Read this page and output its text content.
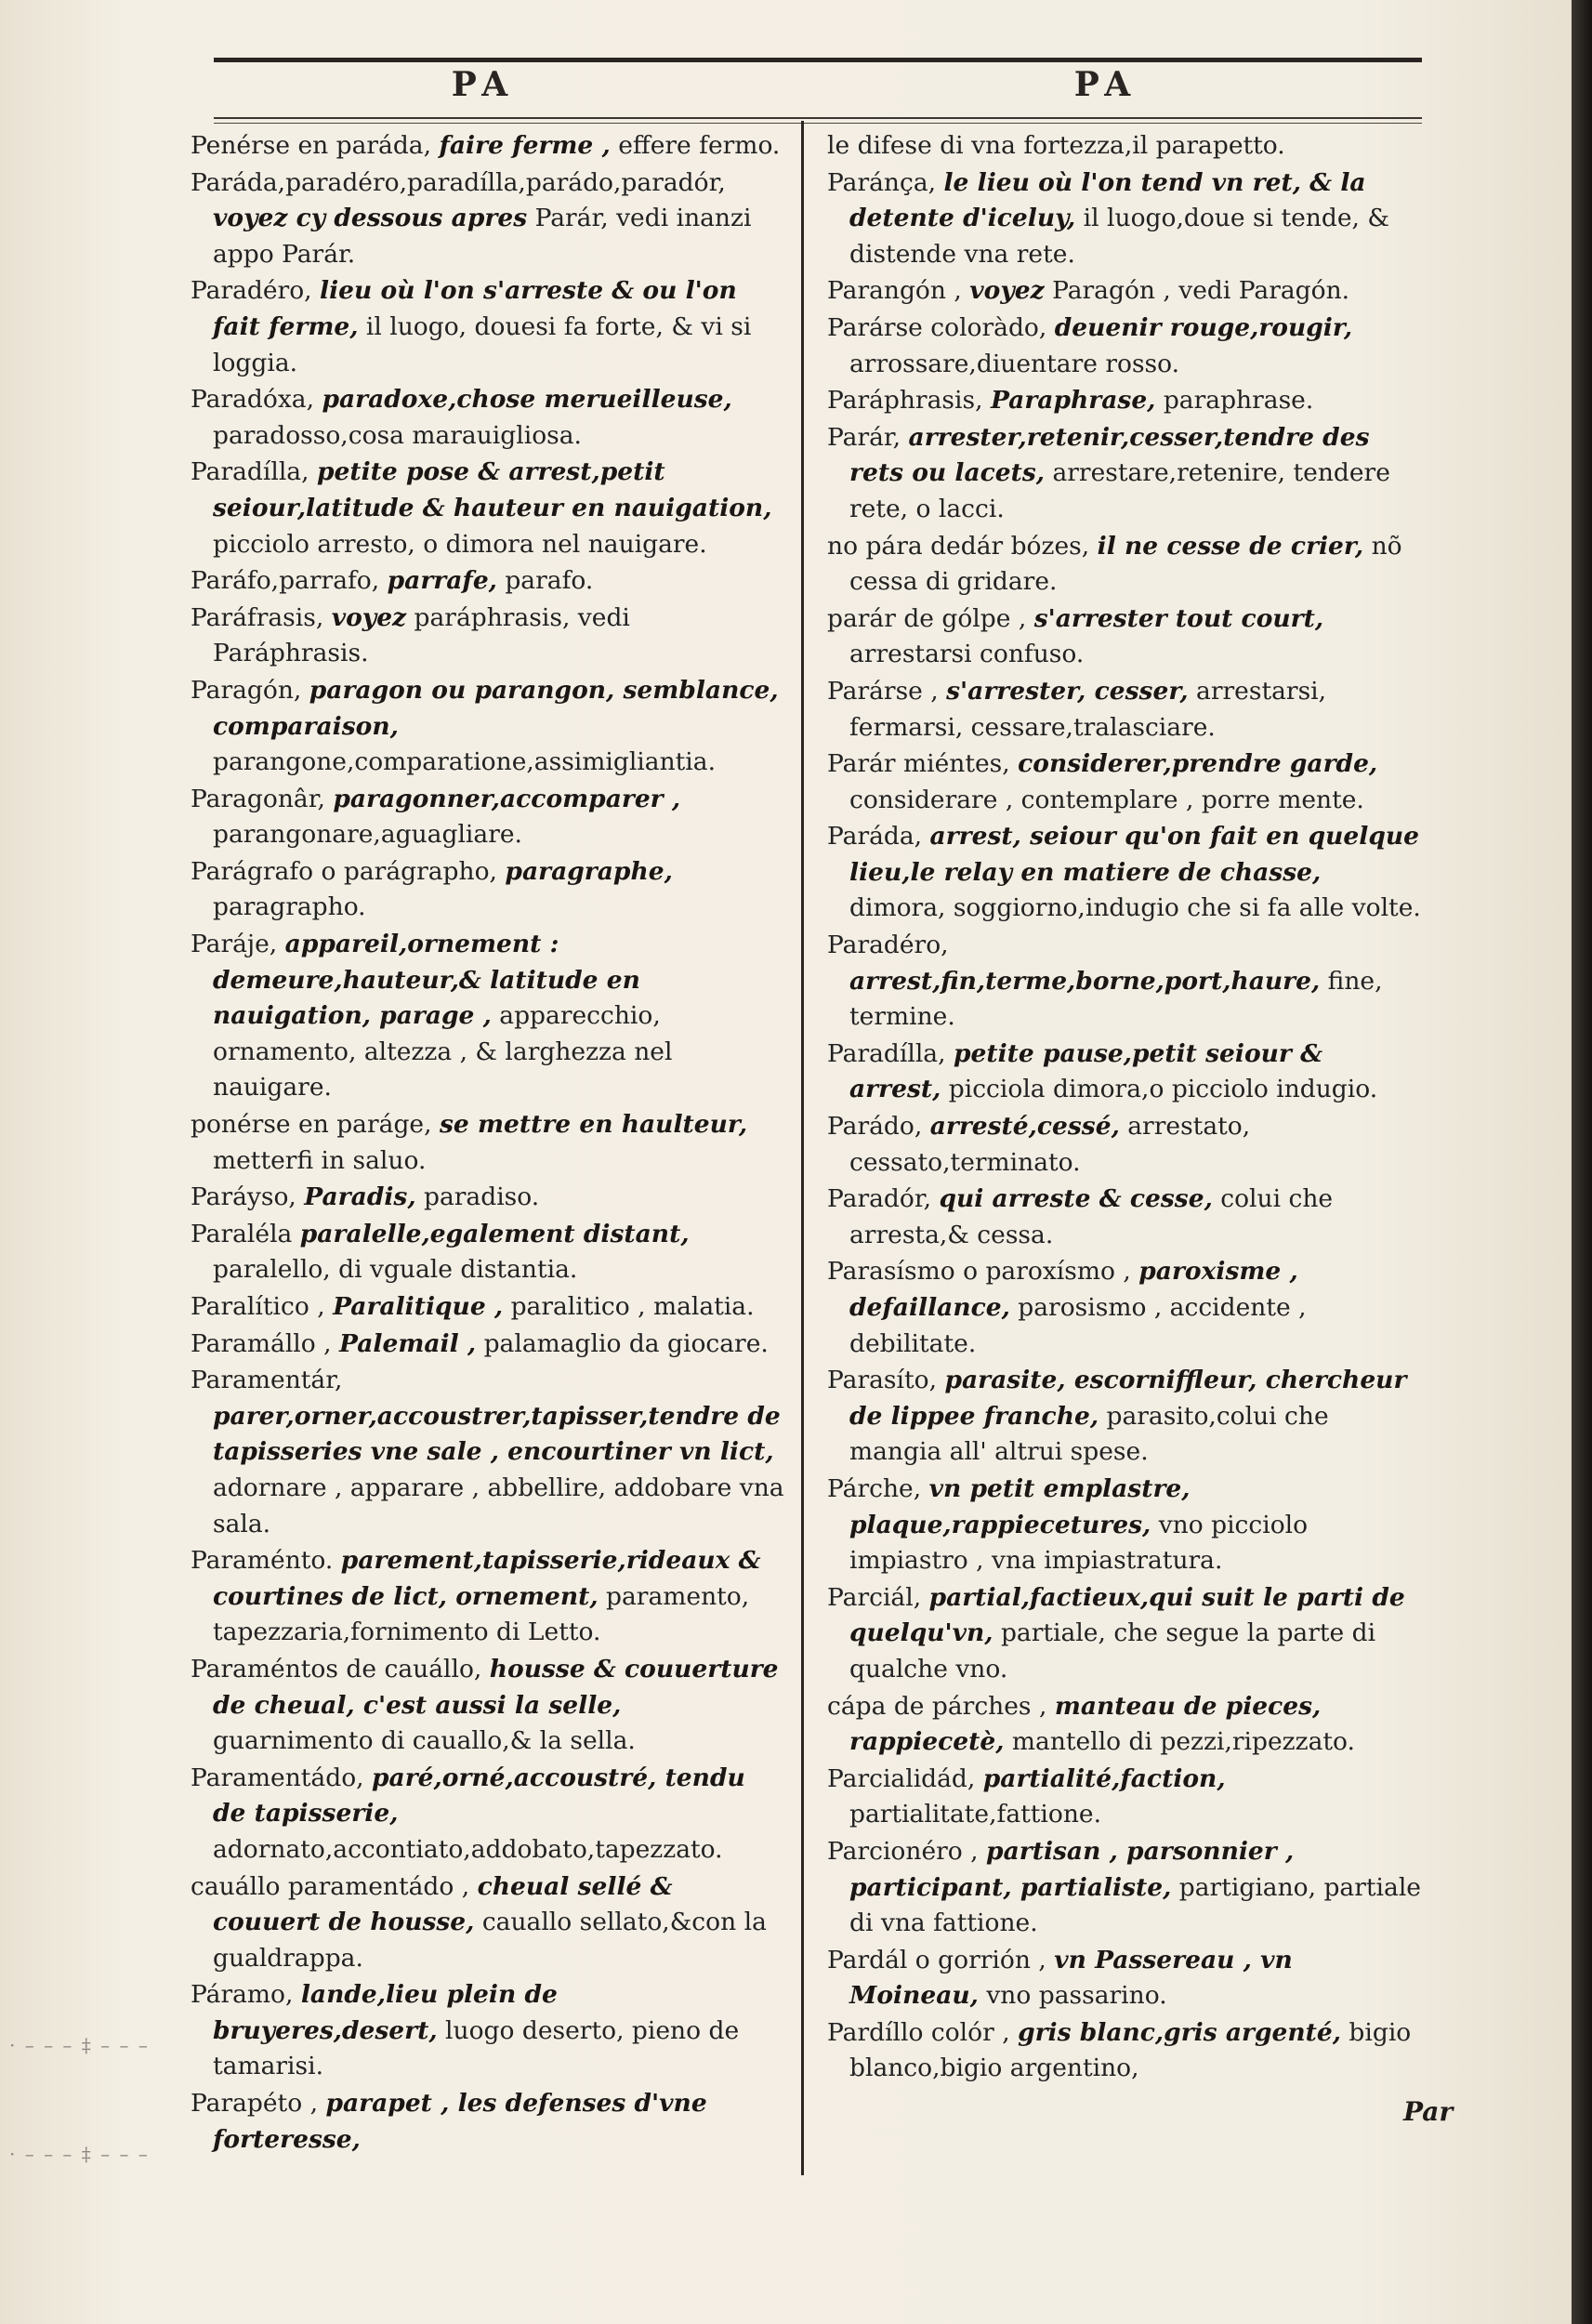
PA	PA
Penérse en paráda, faire ferme , effere fermo.
Paráda,paradéro,paradílla,parádo,paradór, voyez cy dessous apres Parár, vedi inanzi appo Parár.
Paradéro, lieu où l'on s'arreste & ou l'on fait ferme, il luogo, douesi fa forte, & vi si loggia.
Paradóxa, paradoxe,chose merueilleuse, paradosso,cosa marauigliosa.
Paradílla, petite pose & arrest,petit seiour,latitude & hauteur en nauigation, picciolo arresto, o dimora nel nauigare.
Paráfo,parrafo, parrafe, parafo.
Paráfrasis, voyez paráphrasis, vedi Paráphrasis.
Paragón, paragon ou parangon, semblance, comparaison, parangone,comparatione,assimigliantia.
Paragonâr, paragonner,accomparer , parangonare,aguagliare.
Parágrafo o parágrapho, paragraphe, paragrapho.
Paráje, appareil,ornement : demeure,hauteur,& latitude en nauigation, parage , apparecchio, ornamento, altezza , & larghezza nel nauigare.
ponérse en paráge, se mettre en haulteur, metterfi in saluo.
Paráyso, Paradis, paradiso.
Paraléla paralelle,egalement distant, paralello, di vguale distantia.
Paralítico , Paralitique , paralitico , malatia.
Paramállo , Palemail , palamaglio da giocare.
Paramentár, parer,orner,accoustrer,tapisser,tendre de tapisseries vne sale , encourtiner vn lict, adornare , apparare , abbellire, addobare vna sala.
Paraménto. parement,tapisserie,rideaux & courtines de lict, ornement, paramento, tapezzaria,fornimento di Letto.
Paraméntos de cauállo, housse & couuerture de cheual, c'est aussi la selle, guarnimento di cauallo,& la sella.
Paramentádo, paré,orné,accoustré, tendu de tapisserie, adornato,accontiato,addobato,tapezzato.
cauállo paramentádo , cheual sellé & couuert de housse, cauallo sellato,&con la gualdrappa.
Páramo, lande,lieu plein de bruyeres,desert, luogo deserto, pieno de tamarisi.
Parapéto , parapet , les defenses d'vne forteresse,
le difese di vna fortezza,il parapetto.
Paránça, le lieu où l'on tend vn ret, & la detente d'iceluy, il luogo,doue si tende, & distende vna rete.
Parangón , voyez Paragón , vedi Paragón.
Parárse coloràdo, deuenir rouge,rougir, arrossare,diuentare rosso.
Paráphrasis, Paraphrase, paraphrase.
Parár, arrester,retenir,cesser,tendre des rets ou lacets, arrestare,retenire, tendere rete, o lacci.
no pára dedár bózes, il ne cesse de crier, nõ cessa di gridare.
parár de gólpe , s'arrester tout court, arrestarsi confuso.
Parárse , s'arrester, cesser, arrestarsi, fermarsi, cessare,tralasciare.
Parár miéntes, considerer,prendre garde, considerare , contemplare , porre mente.
Paráda, arrest, seiour qu'on fait en quelque lieu,le relay en matiere de chasse, dimora, soggiorno,indugio che si fa alle volte.
Paradéro, arrest,fin,terme,borne,port,haure, fine, termine.
Paradílla, petite pause,petit seiour & arrest, picciola dimora,o picciolo indugio.
Parádo, arresté,cessé, arrestato, cessato,terminato.
Paradór, qui arreste & cesse, colui che arresta,& cessa.
Parasísmo o paroxísmo , paroxisme , defaillance, parosismo , accidente , debilitate.
Parasíto, parasite, escorniffleur, chercheur de lippee franche, parasito,colui che mangia all' altrui spese.
Párche, vn petit emplastre, plaque,rappiecetures, vno picciolo impiastro , vna impiastratura.
Parciál, partial,factieux,qui suit le parti de quelqu'vn, partiale, che segue la parte di qualche vno.
cápa de párches , manteau de pieces, rappiecetè, mantello di pezzi,ripezzato.
Parcialidád, partialité,faction, partialitate,fattione.
Parcionéro , partisan , parsonnier , participant, partialiste, partigiano, partiale di vna fattione.
Pardál o gorrión , vn Passereau , vn Moineau, vno passarino.
Pardíllo colór , gris blanc,gris argenté, bigio blanco,bigio argentino,
Par
· – – – ‡ – – –
· – – – ‡ – – –
